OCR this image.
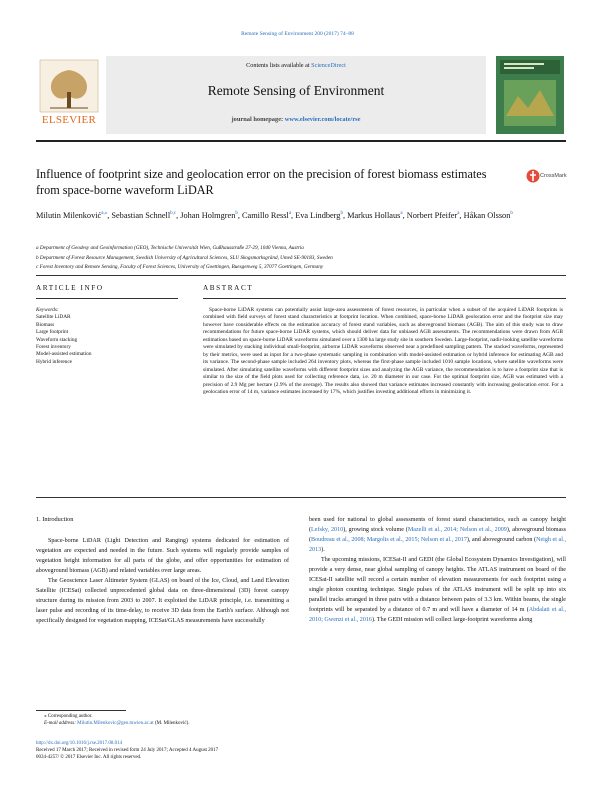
Remote Sensing of Environment 200 (2017) 74–88
ELSEVIER
Contents lists available at ScienceDirect
Remote Sensing of Environment
journal homepage: www.elsevier.com/locate/rse
Influence of footprint size and geolocation error on the precision of forest biomass estimates from space-borne waveform LiDAR
CrossMark
Milutin Milenković$^{a,⁎}$, Sebastian Schnell$^{b,c}$, Johan Holmgren$^b$, Camillo Ressl$^a$, Eva Lindberg$^b$, Markus Hollaus$^a$, Norbert Pfeifer$^a$, Håkan Olsson$^b$
a Department of Geodesy and Geoinformation (GEO), Technische Universität Wien, Gußhausstraße 27-29, 1040 Vienna, Austria
b Department of Forest Resource Management, Swedish University of Agricultural Sciences, SLU Skogsmarksgränd, Umeå SE-90183, Sweden
c Forest Inventory and Remote Sensing, Faculty of Forest Sciences, University of Goettingen, Buesgenweg 5, 37077 Goettingen, Germany
ARTICLE INFO
Keywords:
Satellite LiDAR
Biomass
Large footprint
Waveform stacking
Forest inventory
Model-assisted estimation
Hybrid inference
ABSTRACT

Space-borne LiDAR systems can potentially assist large-area assessments of forest resources, in particular when a subset of the acquired LiDAR footprints is combined with field surveys of forest stand characteristics at footprint location. When combined, space-borne LiDAR geolocation error and the footprint size may however have considerable effects on the estimation accuracy of forest stand variables, such as aboveground biomass (AGB). The aim of this study was to draw recommendations for future space-borne LiDAR systems, which should deliver data for unbiased AGB assessments. The recommendations were drawn from AGB estimations based on space-borne LiDAR waveforms simulated over a 1300 ha large study site in southern Sweden. Large-footprint, nadir-looking satellite waveforms were simulated by stacking individual small-footprint, airborne LiDAR waveforms observed near a predefined sampling pattern. The stacked waveforms, represented by their metrics, were used as input for a two-phase systematic sampling in combination with model-assisted estimation or hybrid inference for estimating AGB and its variance. The second-phase sample included 264 inventory plots, whereas the first-phase sample included 1010 sample locations, where satellite waveforms were simulated. After simulating satellite waveforms with different footprint sizes and analyzing the AGB variance, the recommendation is to have a footprint size that is similar to the size of the field plots used for collecting reference data, i.e. 20 m diameter in our case. For the optimal footprint size, AGB was estimated with a precision of 2.9 Mg per hectare (2.9% of the average). The results also showed that variance estimates increased constantly with increasing geolocation error. For a geolocation error of 14 m, variance estimates increased by 17%, which justifies investing additional efforts in minimizing it.

1. Introduction

Space-borne LiDAR (Light Detection and Ranging) systems dedicated for estimation of vegetation are expected and needed in the future. Such systems will regularly provide samples of vegetation height information for all parts of the globe, and offer opportunities for estimation of aboveground biomass (AGB) and related variables over large areas.

The Geoscience Laser Altimeter System (GLAS) on board of the Ice, Cloud, and Land Elevation Satellite (ICESat) collected unprecedented global data on three-dimensional (3D) forest canopy structure during its mission from 2003 to 2007. It exploited the LiDAR principle, i.e. transmitting a laser pulse and recording of its time-delay, to receive 3D data from the Earth's surface. Although not specifically designed for vegetation mapping, ICESat/GLAS measurements have successfully

been used for national to global assessments of forest stand characteristics, such as canopy height (Lefsky, 2010), growing stock volume (Mazelli et al., 2014; Nelson et al., 2009), aboveground biomass (Boudreau et al., 2008; Margolis et al., 2015; Nelson et al., 2017), and aboveground carbon (Neigh et al., 2013).

The upcoming missions, ICESat-II and GEDI (the Global Ecosystem Dynamics Investigation), will provide a very dense, near global sampling of canopy heights. The ATLAS instrument on board of the ICESat-II satellite will record a certain number of elevation measurements for each footprint using a single photon counting technique. Single pulses of the ATLAS instrument will be split up into six parallel tracks arranged in three pairs with a distance between pairs of 3.3 km. Within beams, the single footprints will be separated by a distance of 0.7 m and will have a diameter of 14 m (Abdalati et al., 2010; Gwenzi et al., 2016). The GEDI mission will collect large-footprint waveforms along

⁎ Corresponding author.
E-mail address: Milutin.Milenkovic@geo.tuwien.ac.at (M. Milenković).
http://dx.doi.org/10.1016/j.rse.2017.08.014
Received 17 March 2017; Received in revised form 24 July 2017; Accepted 4 August 2017
0034-4257/ © 2017 Elsevier Inc. All rights reserved.
